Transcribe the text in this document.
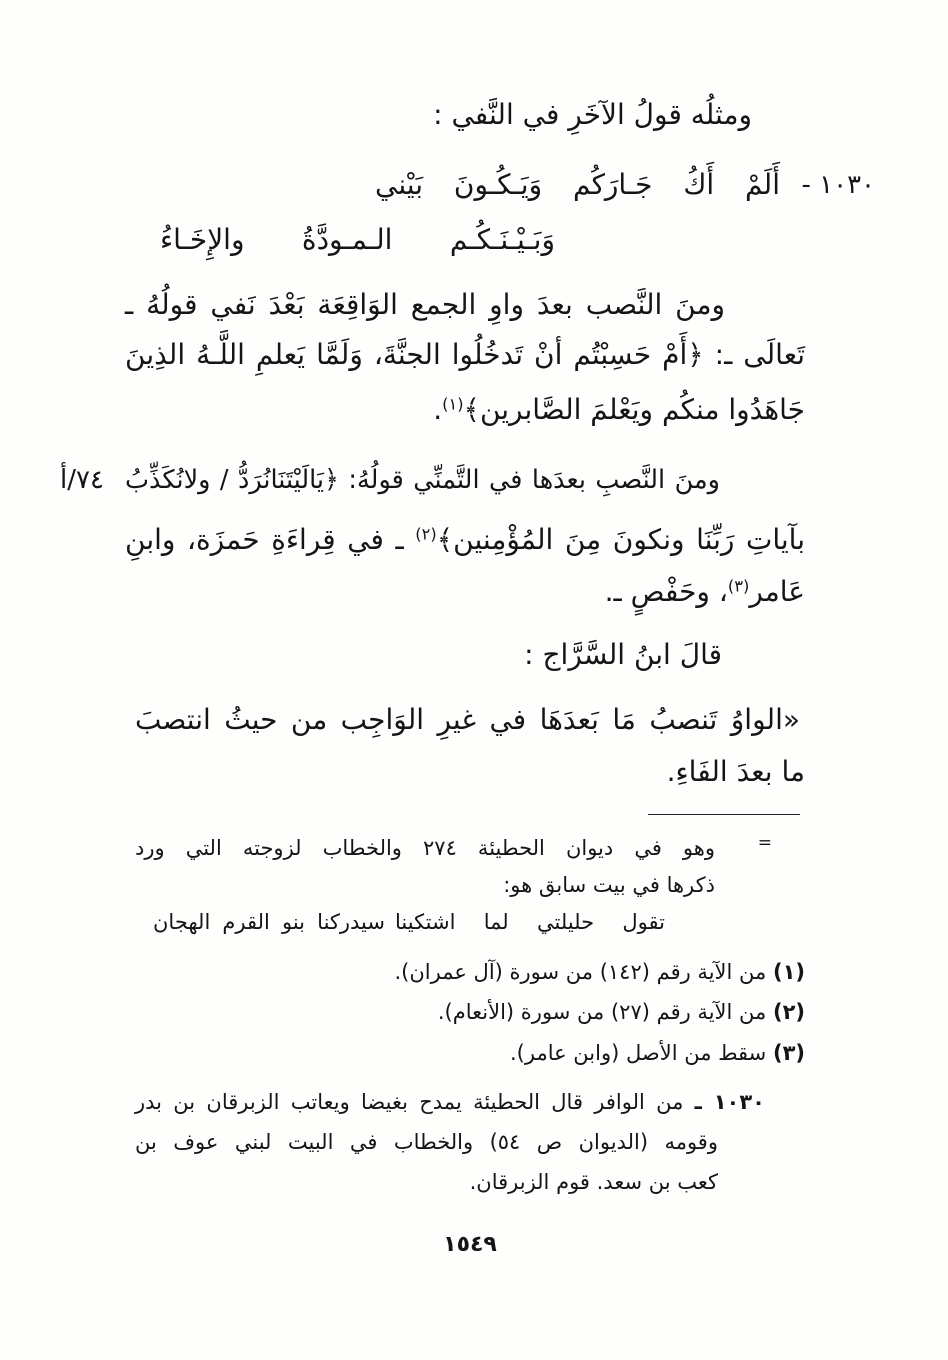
ومثلُه قولُ الآخَرِ في النَّفي :
١٠٣٠ -
أَلَمْ أَكُ جَـارَكُم وَيَـكُـونَ بَيْني
وَبَـيْـنَـكُـم الـمـودَّةُ والإِخَـاءُ
ومنَ النَّصب بعدَ واوِ الجمع الوَاقِعَة بَعْدَ نَفي قولُهُ ـ
تَعالَى ـ: ﴿أَمْ حَسِبْتُم أنْ تَدخُلُوا الجنَّةَ، وَلَمَّا يَعلمِ اللَّـهُ الذِينَ
جَاهَدُوا منكُم ويَعْلمَ الصَّابرين﴾$^{(١)}$.
٧٤/أ ومنَ النَّصبِ بعدَها في التَّمنِّي قولُهُ: ﴿يَالَيْتَنَانُرَدُّ / ولانُكَذِّبُ
بآياتِ رَبِّنَا ونكونَ مِنَ المُؤْمِنين﴾$^{(٢)}$ ـ في قِراءَةِ حَمزَة، وابنِ
عَامر$^{(٣)}$، وحَفْصٍ ـ.
قالَ ابنُ السَّرَّاج :
«الواوُ تَنصبُ مَا بَعدَهَا في غيرِ الوَاجِب من حيثُ انتصبَ
ما بعدَ الفَاءِ.
=
وهو في ديوان الحطيئة ٢٧٤ والخطاب لزوجته التي ورد
ذكرها في بيت سابق هو:
تقول حليلتي لما اشتكينا
سيدركنا بنو القرم الهجان
(١) من الآية رقم (١٤٢) من سورة (آل عمران).
(٢) من الآية رقم (٢٧) من سورة (الأنعام).
(٣) سقط من الأصل (وابن عامر).
١٠٣٠ ـ من الوافر قال الحطيئة يمدح بغيضا ويعاتب الزبرقان بن بدر
وقومه (الديوان ص ٥٤) والخطاب في البيت لبني عوف بن
كعب بن سعد. قوم الزبرقان.
١٥٤٩
